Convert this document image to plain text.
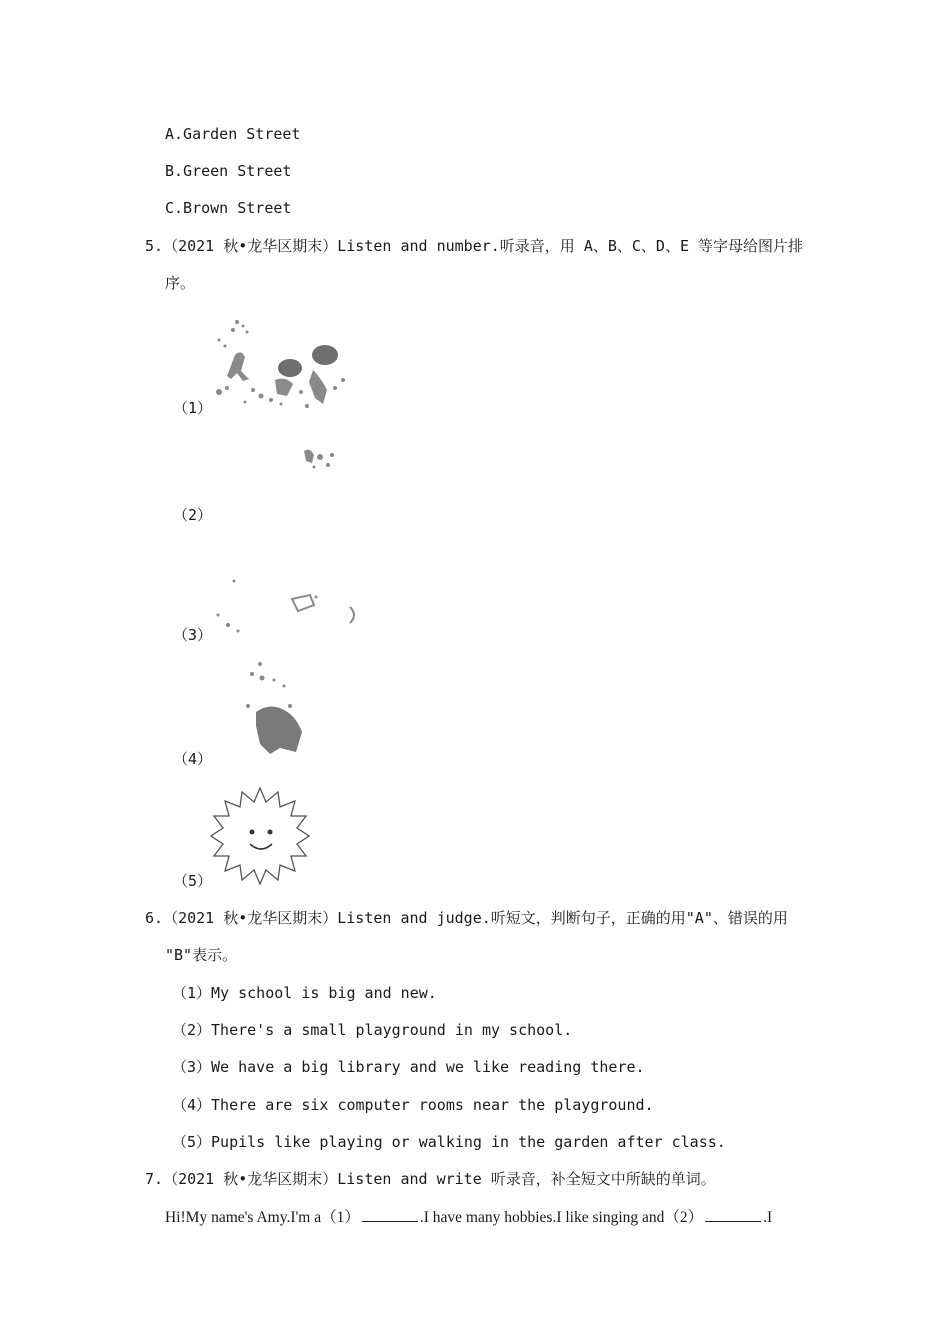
A.Garden Street
B.Green Street
C.Brown Street
5.（2021 秋•龙华区期末）Listen and number.听录音，用 A、B、C、D、E 等字母给图片排
序。
（1）
（2）
（3）
（4）
（5）
6.（2021 秋•龙华区期末）Listen and judge.听短文，判断句子，正确的用"A"、错误的用
"B"表示。
（1）My school is big and new.
（2）There's a small playground in my school.
（3）We have a big library and we like reading there.
（4）There are six computer rooms near the playground.
（5）Pupils like playing or walking in the garden after class.
7.（2021 秋•龙华区期末）Listen and write 听录音，补全短文中所缺的单词。
Hi!My name's Amy.I'm a（1）	.I have many hobbies.I like singing and（2）	.I
